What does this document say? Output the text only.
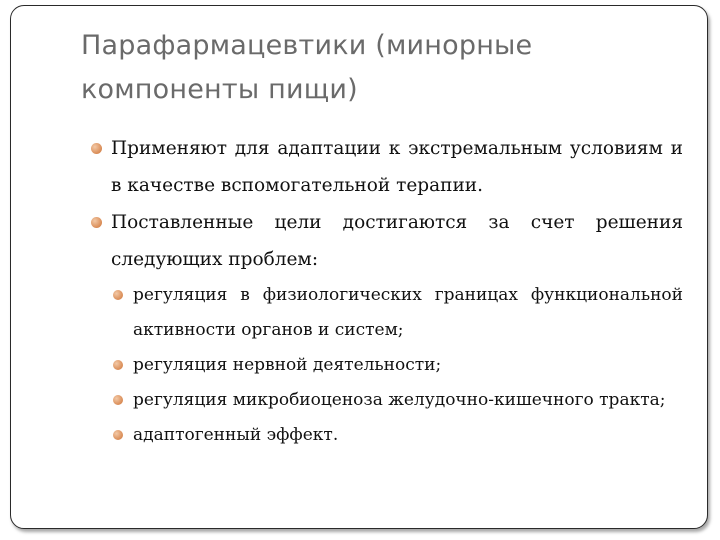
Парафармацевтики (минорные компоненты пищи)
Применяют для адаптации к экстремальным условиям и в качестве вспомогательной терапии.
Поставленные цели достигаются за счет решения следующих проблем:
регуляция в физиологических границах функциональной активности органов и систем;
регуляция нервной деятельности;
регуляция микробиоценоза желудочно-кишечного тракта;
адаптогенный эффект.
